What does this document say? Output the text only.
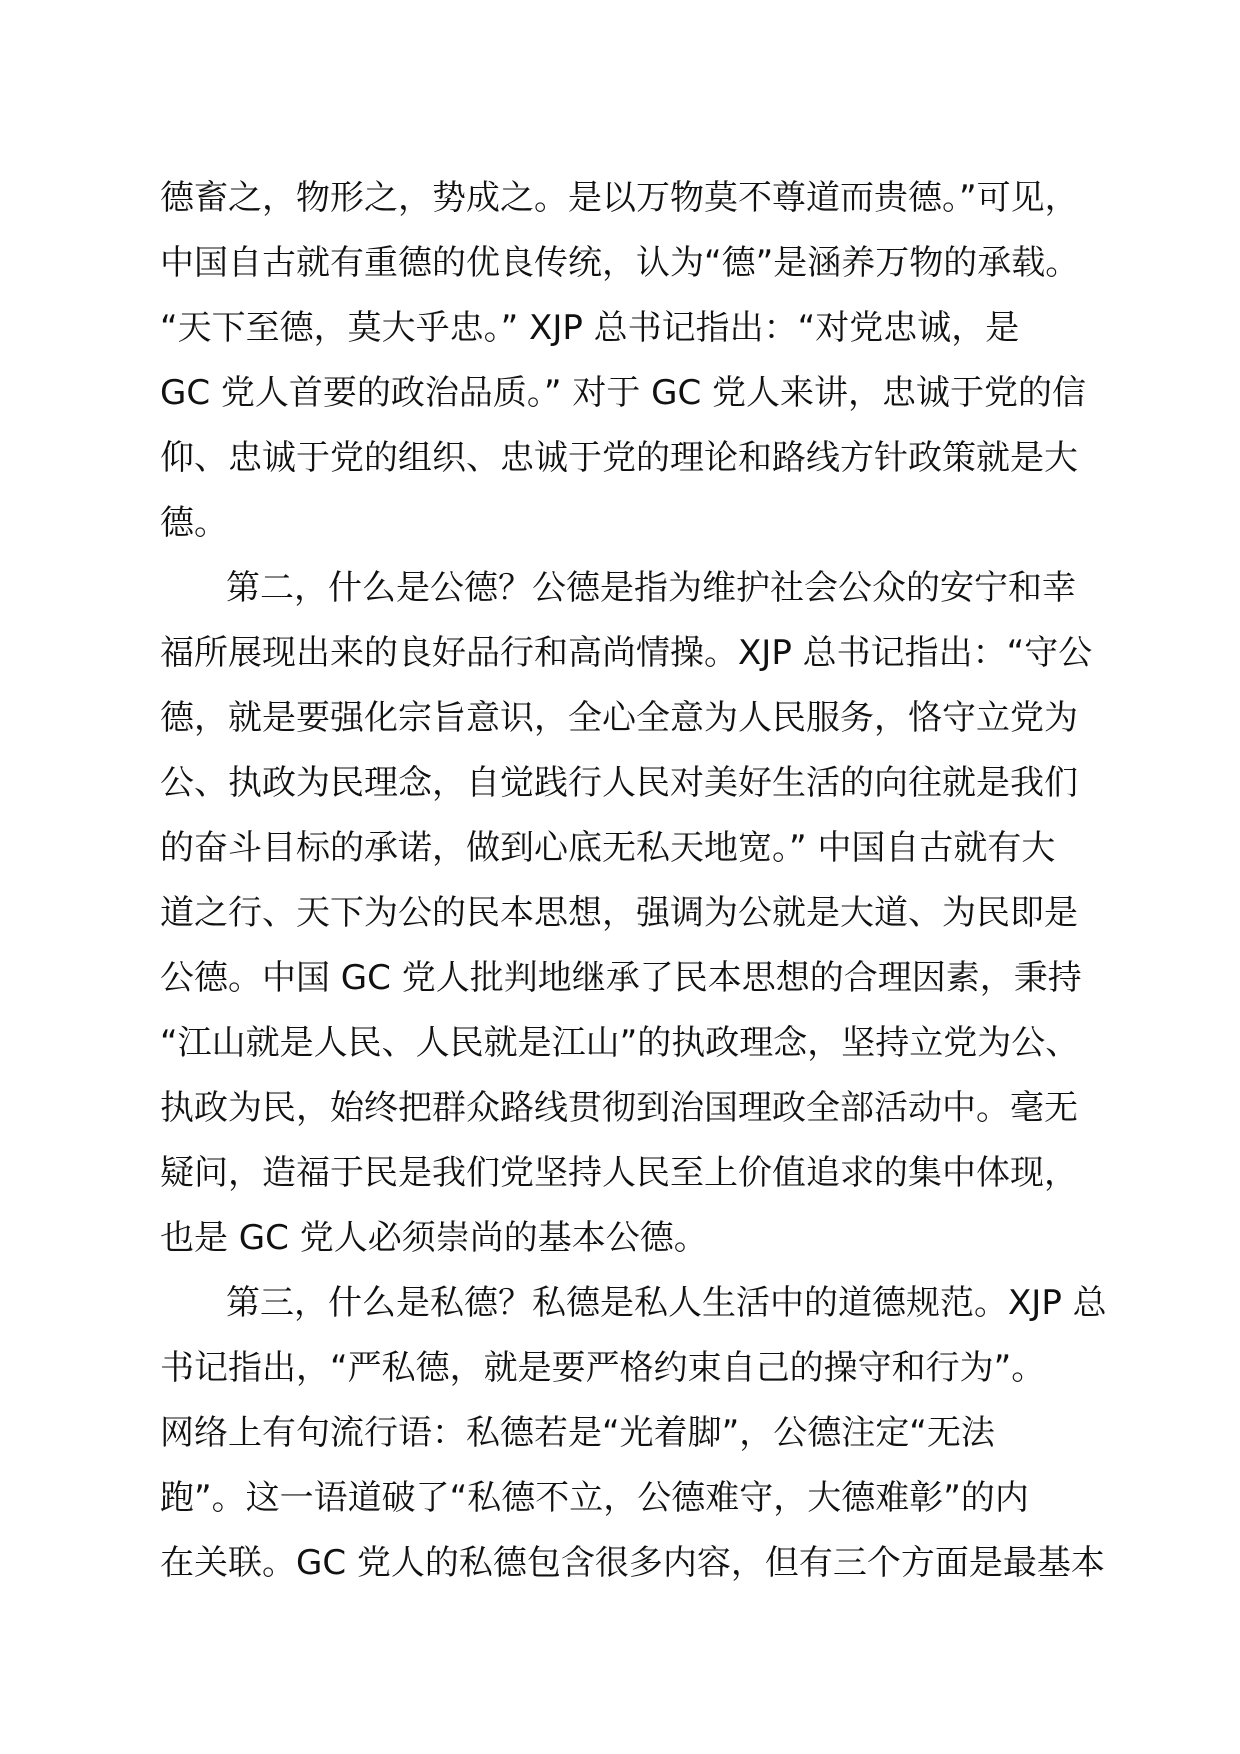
德畜之，物形之，势成之。是以万物莫不尊道而贵德。”可见，
中国自古就有重德的优良传统，认为“德”是涵养万物的承载。
“天下至德，莫大乎忠。” XJP 总书记指出：“对党忠诚，是
GC 党人首要的政治品质。” 对于 GC 党人来讲，忠诚于党的信
仰、忠诚于党的组织、忠诚于党的理论和路线方针政策就是大
德。
第二，什么是公德？公德是指为维护社会公众的安宁和幸
福所展现出来的良好品行和高尚情操。XJP 总书记指出：“守公
德，就是要强化宗旨意识，全心全意为人民服务，恪守立党为
公、执政为民理念，自觉践行人民对美好生活的向往就是我们
的奋斗目标的承诺，做到心底无私天地宽。” 中国自古就有大
道之行、天下为公的民本思想，强调为公就是大道、为民即是
公德。中国 GC 党人批判地继承了民本思想的合理因素，秉持
“江山就是人民、人民就是江山”的执政理念，坚持立党为公、
执政为民，始终把群众路线贯彻到治国理政全部活动中。毫无
疑问，造福于民是我们党坚持人民至上价值追求的集中体现，
也是 GC 党人必须崇尚的基本公德。
第三，什么是私德？私德是私人生活中的道德规范。XJP 总
书记指出，“严私德，就是要严格约束自己的操守和行为”。
网络上有句流行语：私德若是“光着脚”，公德注定“无法
跑”。这一语道破了“私德不立，公德难守，大德难彰”的内
在关联。GC 党人的私德包含很多内容，但有三个方面是最基本
